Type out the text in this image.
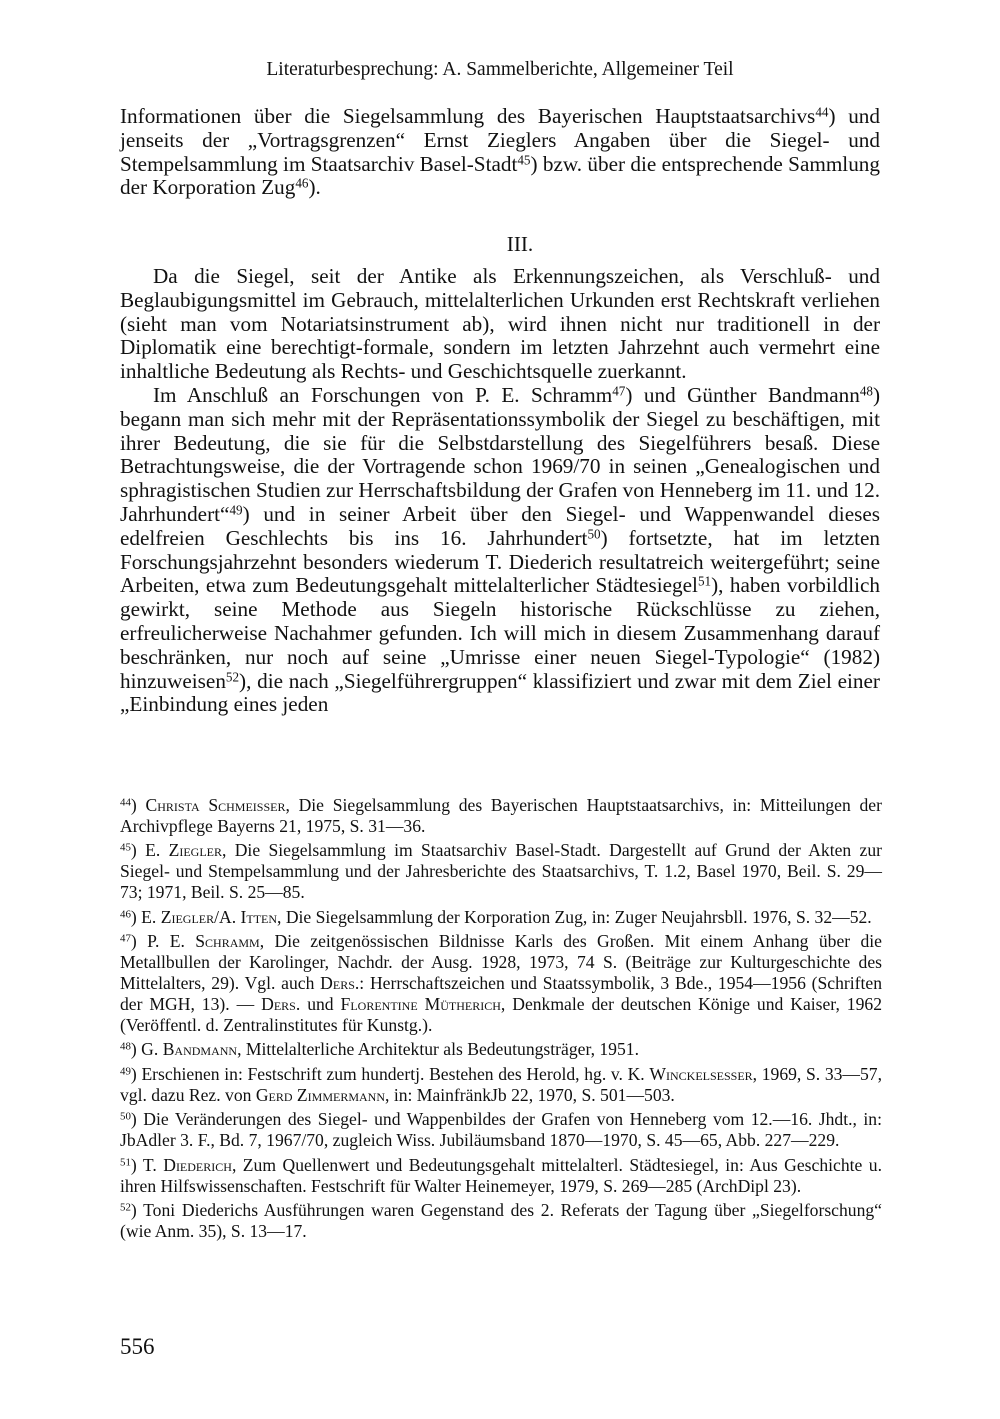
Literaturbesprechung: A. Sammelberichte, Allgemeiner Teil

Informationen über die Siegelsammlung des Bayerischen Hauptstaatsarchivs$^{44}$) und jenseits der „Vortragsgrenzen“ Ernst Zieglers Angaben über die Siegel- und Stempelsammlung im Staatsarchiv Basel-Stadt$^{45}$) bzw. über die entsprechende Sammlung der Korporation Zug$^{46}$).

III.

Da die Siegel, seit der Antike als Erkennungszeichen, als Verschluß- und Beglaubigungsmittel im Gebrauch, mittelalterlichen Urkunden erst Rechtskraft verliehen (sieht man vom Notariatsinstrument ab), wird ihnen nicht nur traditionell in der Diplomatik eine berechtigt-formale, sondern im letzten Jahrzehnt auch vermehrt eine inhaltliche Bedeutung als Rechts- und Geschichtsquelle zuerkannt.

Im Anschluß an Forschungen von P. E. Schramm$^{47}$) und Günther Bandmann$^{48}$) begann man sich mehr mit der Repräsentationssymbolik der Siegel zu beschäftigen, mit ihrer Bedeutung, die sie für die Selbstdarstellung des Siegelführers besaß. Diese Betrachtungsweise, die der Vortragende schon 1969/70 in seinen „Genealogischen und sphragistischen Studien zur Herrschaftsbildung der Grafen von Henneberg im 11. und 12. Jahrhundert“$^{49}$) und in seiner Arbeit über den Siegel- und Wappenwandel dieses edelfreien Geschlechts bis ins 16. Jahrhundert$^{50}$) fortsetzte, hat im letzten Forschungsjahrzehnt besonders wiederum T. Diederich resultatreich weitergeführt; seine Arbeiten, etwa zum Bedeutungsgehalt mittelalterlicher Städtesiegel$^{51}$), haben vorbildlich gewirkt, seine Methode aus Siegeln historische Rückschlüsse zu ziehen, erfreulicherweise Nachahmer gefunden. Ich will mich in diesem Zusammenhang darauf beschränken, nur noch auf seine „Umrisse einer neuen Siegel-Typologie“ (1982) hinzuweisen$^{52}$), die nach „Siegelführergruppen“ klassifiziert und zwar mit dem Ziel einer „Einbindung eines jeden

$^{44}$) Christa Schmeisser, Die Siegelsammlung des Bayerischen Hauptstaatsarchivs, in: Mitteilungen der Archivpflege Bayerns 21, 1975, S. 31—36.

$^{45}$) E. Ziegler, Die Siegelsammlung im Staatsarchiv Basel-Stadt. Dargestellt auf Grund der Akten zur Siegel- und Stempelsammlung und der Jahresberichte des Staatsarchivs, T. 1.2, Basel 1970, Beil. S. 29—73; 1971, Beil. S. 25—85.

$^{46}$) E. Ziegler/A. Itten, Die Siegelsammlung der Korporation Zug, in: Zuger Neujahrsbll. 1976, S. 32—52.

$^{47}$) P. E. Schramm, Die zeitgenössischen Bildnisse Karls des Großen. Mit einem Anhang über die Metallbullen der Karolinger, Nachdr. der Ausg. 1928, 1973, 74 S. (Beiträge zur Kulturgeschichte des Mittelalters, 29). Vgl. auch Ders.: Herrschaftszeichen und Staatssymbolik, 3 Bde., 1954—1956 (Schriften der MGH, 13). — Ders. und Florentine Mütherich, Denkmale der deutschen Könige und Kaiser, 1962 (Veröffentl. d. Zentralinstitutes für Kunstg.).

$^{48}$) G. Bandmann, Mittelalterliche Architektur als Bedeutungsträger, 1951.

$^{49}$) Erschienen in: Festschrift zum hundertj. Bestehen des Herold, hg. v. K. Winckelsesser, 1969, S. 33—57, vgl. dazu Rez. von Gerd Zimmermann, in: MainfränkJb 22, 1970, S. 501—503.

$^{50}$) Die Veränderungen des Siegel- und Wappenbildes der Grafen von Henneberg vom 12.—16. Jhdt., in: JbAdler 3. F., Bd. 7, 1967/70, zugleich Wiss. Jubiläumsband 1870—1970, S. 45—65, Abb. 227—229.

$^{51}$) T. Diederich, Zum Quellenwert und Bedeutungsgehalt mittelalterl. Städtesiegel, in: Aus Geschichte u. ihren Hilfswissenschaften. Festschrift für Walter Heinemeyer, 1979, S. 269—285 (ArchDipl 23).

$^{52}$) Toni Diederichs Ausführungen waren Gegenstand des 2. Referats der Tagung über „Siegelforschung“ (wie Anm. 35), S. 13—17.

556
